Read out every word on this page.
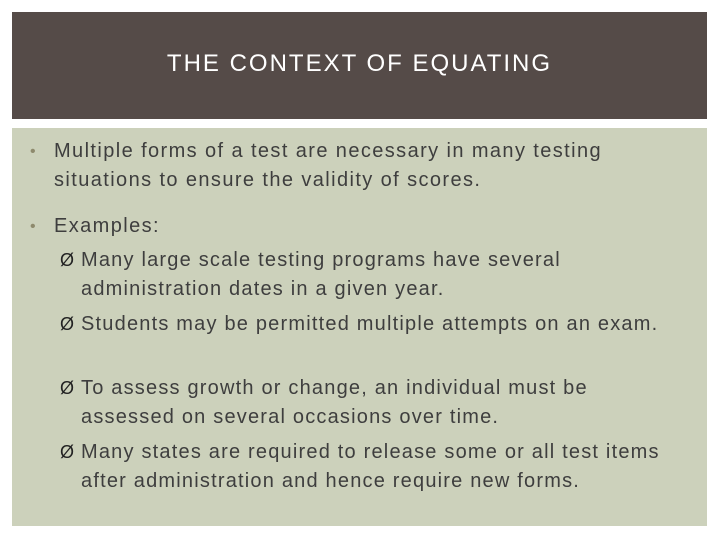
THE CONTEXT OF EQUATING
• Multiple forms of a test are necessary in many testing situations to ensure the validity of scores.
• Examples:
Ø Many large scale testing programs have several administration dates in a given year.
Ø Students may be permitted multiple attempts on an exam.
Ø To assess growth or change, an individual must be assessed on several occasions over time.
Ø Many states are required to release some or all test items after administration and hence require new forms.
